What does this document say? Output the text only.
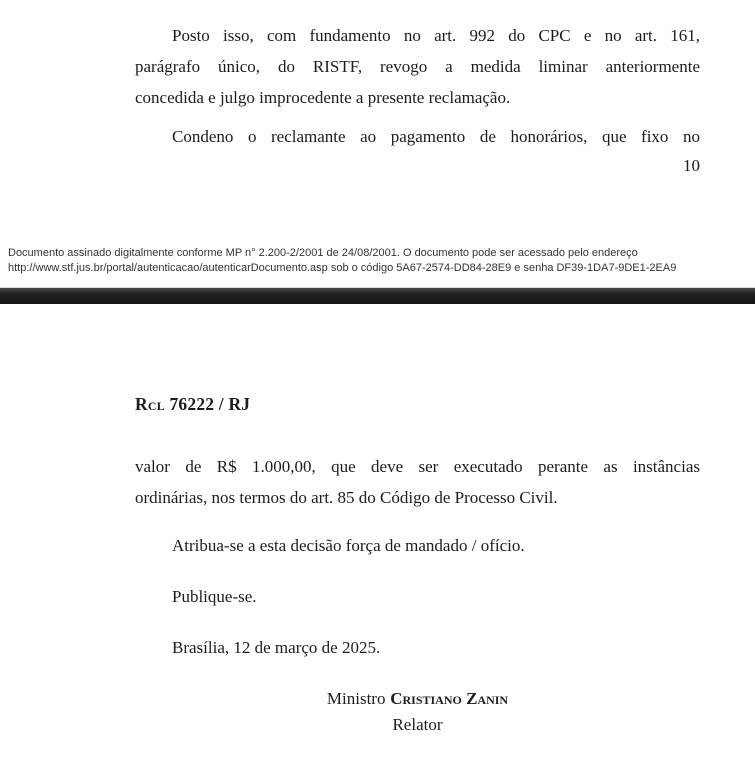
Posto isso, com fundamento no art. 992 do CPC e no art. 161,
parágrafo único, do RISTF, revogo a medida liminar anteriormente
concedida e julgo improcedente a presente reclamação.
Condeno o reclamante ao pagamento de honorários, que fixo no
10
Documento assinado digitalmente conforme MP n° 2.200-2/2001 de 24/08/2001. O documento pode ser acessado pelo endereço
http://www.stf.jus.br/portal/autenticacao/autenticarDocumento.asp sob o código 5A67-2574-DD84-28E9 e senha DF39-1DA7-9DE1-2EA9
Rcl 76222 / RJ
valor de R$ 1.000,00, que deve ser executado perante as instâncias
ordinárias, nos termos do art. 85 do Código de Processo Civil.
Atribua-se a esta decisão força de mandado / ofício.
Publique-se.
Brasília, 12 de março de 2025.
Ministro Cristiano Zanin
Relator
